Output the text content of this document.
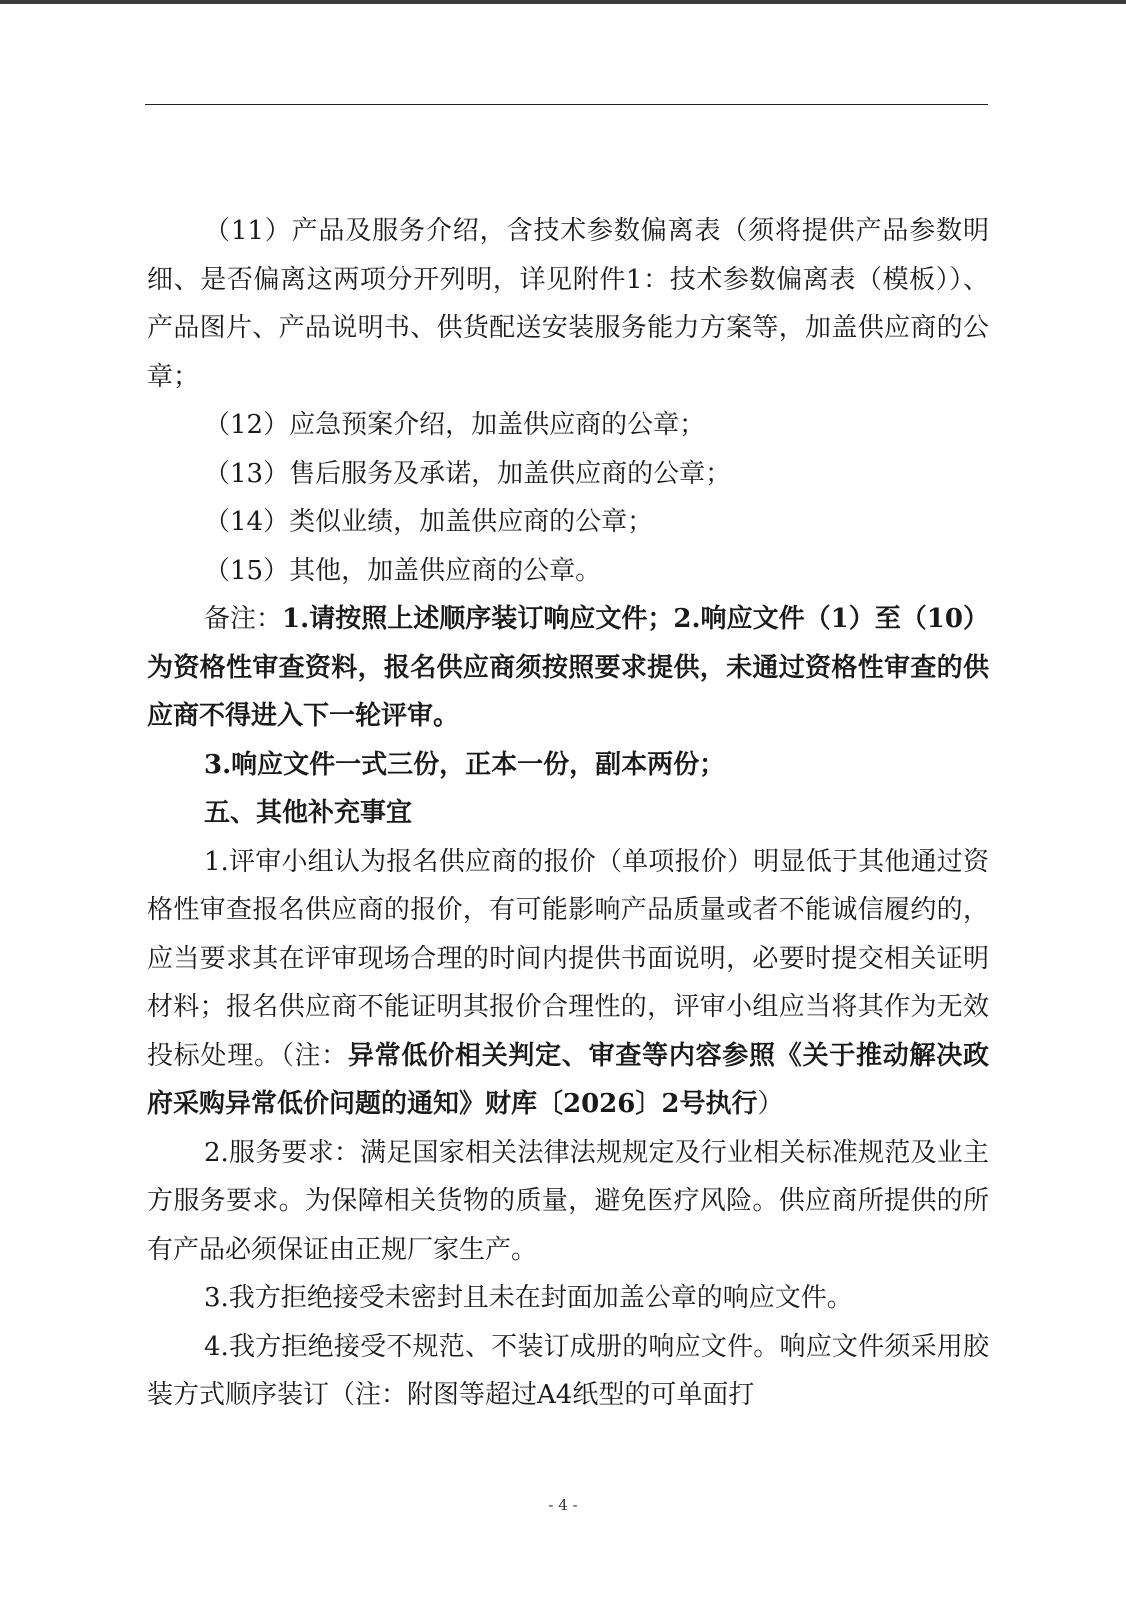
（11）产品及服务介绍，含技术参数偏离表（须将提供产品参数明细、是否偏离这两项分开列明，详见附件1：技术参数偏离表（模板））、产品图片、产品说明书、供货配送安装服务能力方案等，加盖供应商的公章；

（12）应急预案介绍，加盖供应商的公章；

（13）售后服务及承诺，加盖供应商的公章；

（14）类似业绩，加盖供应商的公章；

（15）其他，加盖供应商的公章。

备注：1.请按照上述顺序装订响应文件；2.响应文件（1）至（10）为资格性审查资料，报名供应商须按照要求提供，未通过资格性审查的供应商不得进入下一轮评审。

3.响应文件一式三份，正本一份，副本两份；

五、其他补充事宜

1.评审小组认为报名供应商的报价（单项报价）明显低于其他通过资格性审查报名供应商的报价，有可能影响产品质量或者不能诚信履约的，应当要求其在评审现场合理的时间内提供书面说明，必要时提交相关证明材料；报名供应商不能证明其报价合理性的，评审小组应当将其作为无效投标处理。（注：异常低价相关判定、审查等内容参照《关于推动解决政府采购异常低价问题的通知》财库〔2026〕2号执行）

2.服务要求：满足国家相关法律法规规定及行业相关标准规范及业主方服务要求。为保障相关货物的质量，避免医疗风险。供应商所提供的所有产品必须保证由正规厂家生产。

3.我方拒绝接受未密封且未在封面加盖公章的响应文件。

4.我方拒绝接受不规范、不装订成册的响应文件。响应文件须采用胶装方式顺序装订（注：附图等超过A4纸型的可单面打

- 4 -
